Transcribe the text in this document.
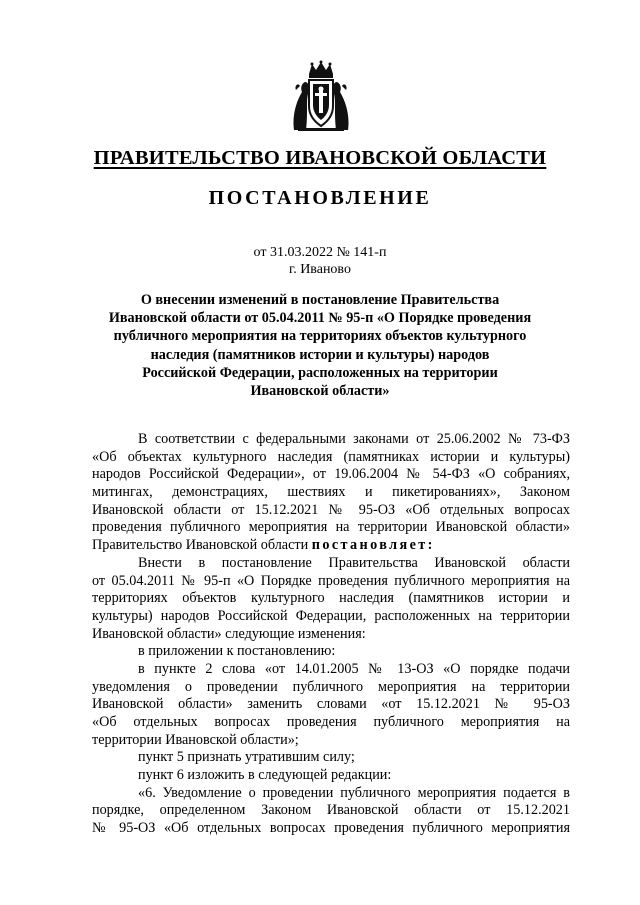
ПРАВИТЕЛЬСТВО ИВАНОВСКОЙ ОБЛАСТИ
ПОСТАНОВЛЕНИЕ
от 31.03.2022 № 141-п
г. Иваново
О внесении изменений в постановление Правительства
Ивановской области от 05.04.2011 № 95-п «О Порядке проведения
публичного мероприятия на территориях объектов культурного
наследия (памятников истории и культуры) народов
Российской Федерации, расположенных на территории
Ивановской области»
В соответствии с федеральными законами от 25.06.2002 № 73-ФЗ
«Об объектах культурного наследия (памятниках истории и культуры)
народов Российской Федерации», от 19.06.2004 № 54-ФЗ «О собраниях,
митингах, демонстрациях, шествиях и пикетированиях», Законом
Ивановской области от 15.12.2021 № 95-ОЗ «Об отдельных вопросах
проведения публичного мероприятия на территории Ивановской области»
Правительство Ивановской области постановляет:
Внести в постановление Правительства Ивановской области
от 05.04.2011 № 95-п «О Порядке проведения публичного мероприятия на
территориях объектов культурного наследия (памятников истории и
культуры) народов Российской Федерации, расположенных на территории
Ивановской области» следующие изменения:
в приложении к постановлению:
в пункте 2 слова «от 14.01.2005 № 13-ОЗ «О порядке подачи
уведомления о проведении публичного мероприятия на территории
Ивановской области» заменить словами «от 15.12.2021 № 95-ОЗ
«Об отдельных вопросах проведения публичного мероприятия на
территории Ивановской области»;
пункт 5 признать утратившим силу;
пункт 6 изложить в следующей редакции:
«6. Уведомление о проведении публичного мероприятия подается в
порядке, определенном Законом Ивановской области от 15.12.2021
№ 95-ОЗ «Об отдельных вопросах проведения публичного мероприятия
